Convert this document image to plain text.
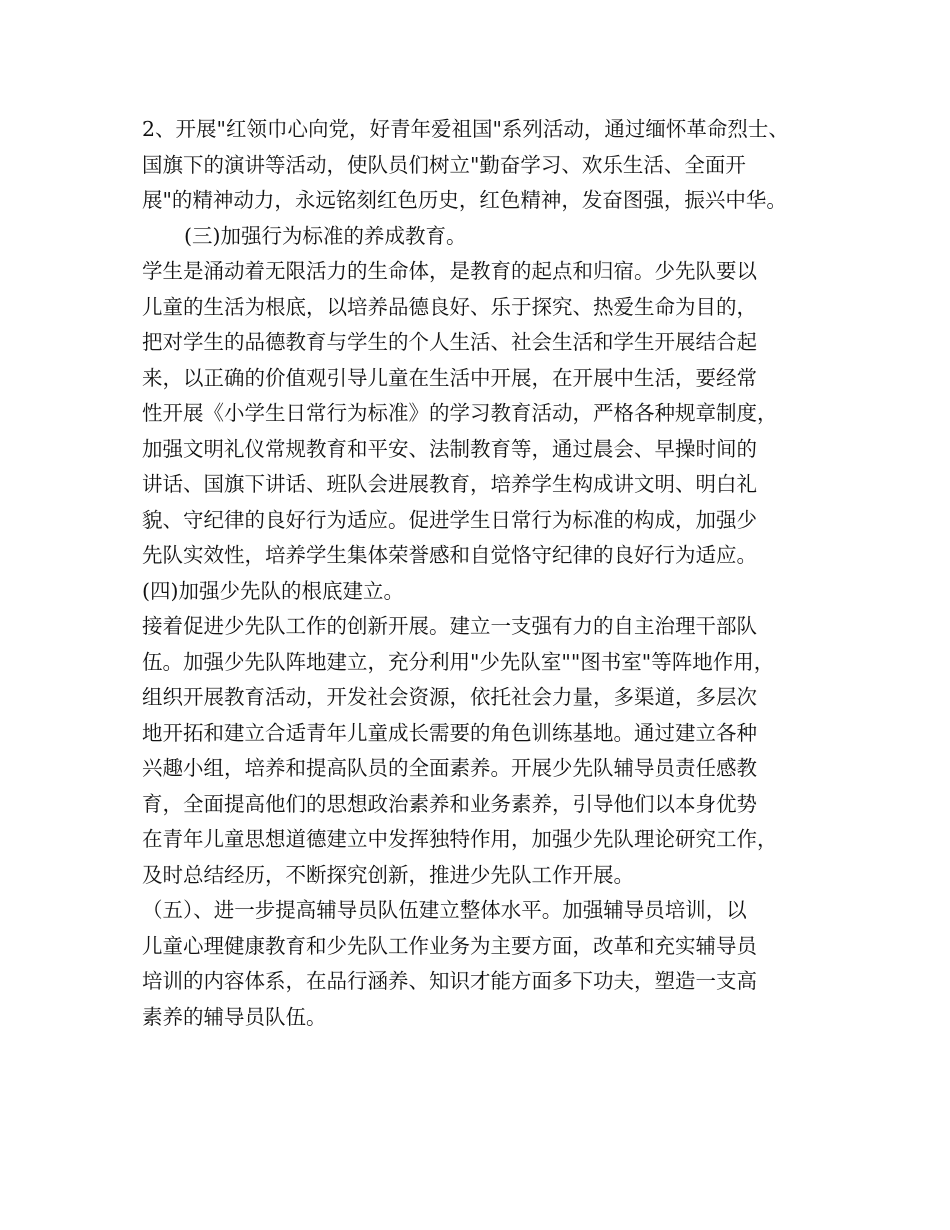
2、开展"红领巾心向党，好青年爱祖国"系列活动，通过缅怀革命烈士、
国旗下的演讲等活动，使队员们树立"勤奋学习、欢乐生活、全面开
展"的精神动力，永远铭刻红色历史，红色精神，发奋图强，振兴中华。
(三)加强行为标准的养成教育。
学生是涌动着无限活力的生命体，是教育的起点和归宿。少先队要以
儿童的生活为根底，以培养品德良好、乐于探究、热爱生命为目的，
把对学生的品德教育与学生的个人生活、社会生活和学生开展结合起
来，以正确的价值观引导儿童在生活中开展，在开展中生活，要经常
性开展《小学生日常行为标准》的学习教育活动，严格各种规章制度，
加强文明礼仪常规教育和平安、法制教育等，通过晨会、早操时间的
讲话、国旗下讲话、班队会进展教育，培养学生构成讲文明、明白礼
貌、守纪律的良好行为适应。促进学生日常行为标准的构成，加强少
先队实效性，培养学生集体荣誉感和自觉恪守纪律的良好行为适应。
(四)加强少先队的根底建立。
接着促进少先队工作的创新开展。建立一支强有力的自主治理干部队
伍。加强少先队阵地建立，充分利用"少先队室""图书室"等阵地作用，
组织开展教育活动，开发社会资源，依托社会力量，多渠道，多层次
地开拓和建立合适青年儿童成长需要的角色训练基地。通过建立各种
兴趣小组，培养和提高队员的全面素养。开展少先队辅导员责任感教
育，全面提高他们的思想政治素养和业务素养，引导他们以本身优势
在青年儿童思想道德建立中发挥独特作用，加强少先队理论研究工作，
及时总结经历，不断探究创新，推进少先队工作开展。
（五）、进一步提高辅导员队伍建立整体水平。加强辅导员培训，以
儿童心理健康教育和少先队工作业务为主要方面，改革和充实辅导员
培训的内容体系，在品行涵养、知识才能方面多下功夫，塑造一支高
素养的辅导员队伍。
